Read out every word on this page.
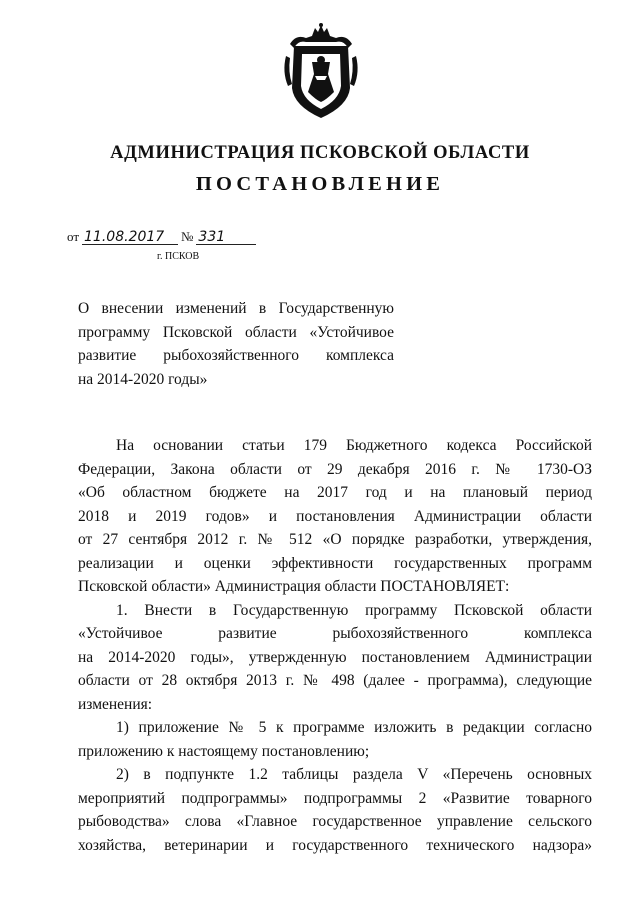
АДМИНИСТРАЦИЯ ПСКОВСКОЙ ОБЛАСТИ
ПОСТАНОВЛЕНИЕ
от 11.08.2017 № 331
г. ПСКОВ
О внесении изменений в Государственную
программу Псковской области «Устойчивое
развитие рыбохозяйственного комплекса
на 2014-2020 годы»
На основании статьи 179 Бюджетного кодекса Российской
Федерации, Закона области от 29 декабря 2016 г. № 1730-ОЗ
«Об областном бюджете на 2017 год и на плановый период
2018 и 2019 годов» и постановления Администрации области
от 27 сентября 2012 г. № 512 «О порядке разработки, утверждения,
реализации и оценки эффективности государственных программ
Псковской области» Администрация области ПОСТАНОВЛЯЕТ:
1. Внести в Государственную программу Псковской области
«Устойчивое развитие рыбохозяйственного комплекса
на 2014-2020 годы», утвержденную постановлением Администрации
области от 28 октября 2013 г. № 498 (далее - программа), следующие
изменения:
1) приложение № 5 к программе изложить в редакции согласно
приложению к настоящему постановлению;
2) в подпункте 1.2 таблицы раздела V «Перечень основных
мероприятий подпрограммы» подпрограммы 2 «Развитие товарного
рыбоводства» слова «Главное государственное управление сельского
хозяйства, ветеринарии и государственного технического надзора»
